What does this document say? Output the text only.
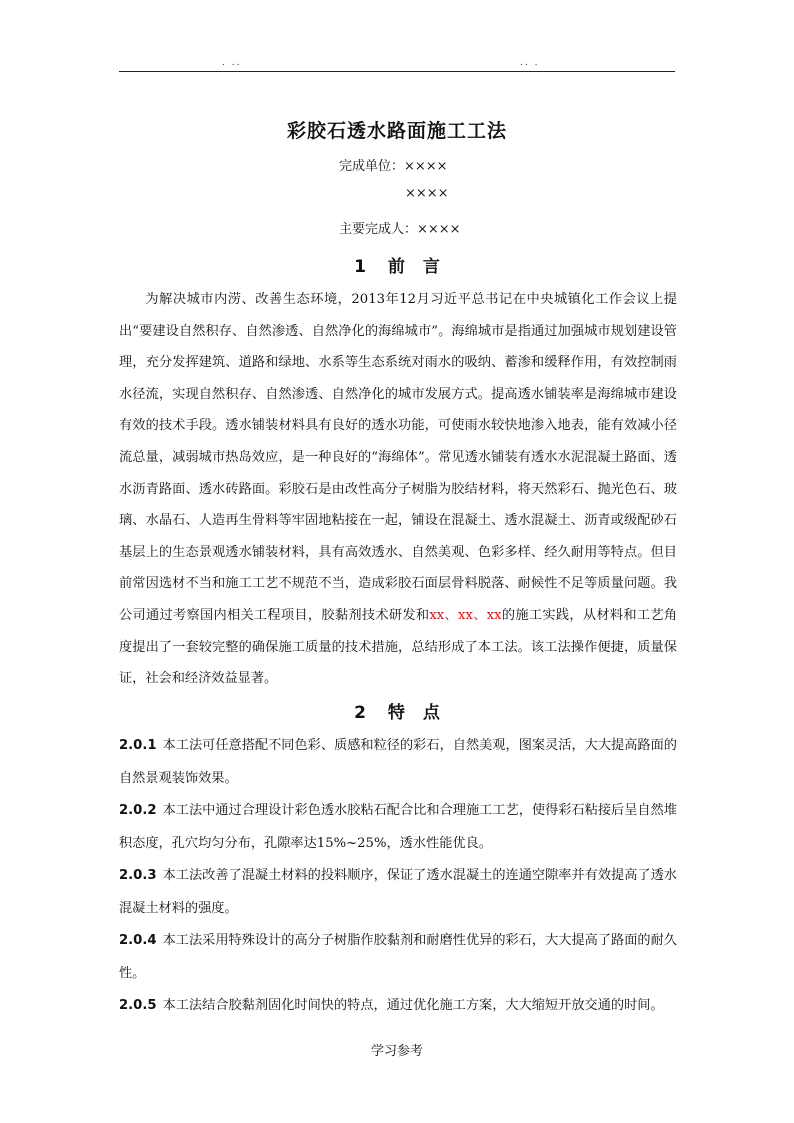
. ..	.. .
彩胶石透水路面施工工法
完成单位：××××
××××
主要完成人：××××
1 前 言

为解决城市内涝、改善生态环境，2013年12月习近平总书记在中央城镇化工作会议上提出“要建设自然积存、自然渗透、自然净化的海绵城市”。海绵城市是指通过加强城市规划建设管理，充分发挥建筑、道路和绿地、水系等生态系统对雨水的吸纳、蓄渗和缓释作用，有效控制雨水径流，实现自然积存、自然渗透、自然净化的城市发展方式。提高透水铺装率是海绵城市建设有效的技术手段。透水铺装材料具有良好的透水功能，可使雨水较快地渗入地表，能有效减小径流总量，减弱城市热岛效应，是一种良好的“海绵体”。常见透水铺装有透水水泥混凝土路面、透水沥青路面、透水砖路面。彩胶石是由改性高分子树脂为胶结材料，将天然彩石、抛光色石、玻璃、水晶石、人造再生骨料等牢固地粘接在一起，铺设在混凝土、透水混凝土、沥青或级配砂石基层上的生态景观透水铺装材料，具有高效透水、自然美观、色彩多样、经久耐用等特点。但目前常因选材不当和施工工艺不规范不当，造成彩胶石面层骨料脱落、耐候性不足等质量问题。我公司通过考察国内相关工程项目，胶黏剂技术研发和xx、xx、xx的施工实践，从材料和工艺角度提出了一套较完整的确保施工质量的技术措施，总结形成了本工法。该工法操作便捷，质量保证，社会和经济效益显著。

2 特 点

2.0.1 本工法可任意搭配不同色彩、质感和粒径的彩石，自然美观，图案灵活，大大提高路面的自然景观装饰效果。

2.0.2 本工法中通过合理设计彩色透水胶粘石配合比和合理施工工艺，使得彩石粘接后呈自然堆积态度，孔穴均匀分布，孔隙率达15%~25%，透水性能优良。

2.0.3 本工法改善了混凝土材料的投料顺序，保证了透水混凝土的连通空隙率并有效提高了透水混凝土材料的强度。

2.0.4 本工法采用特殊设计的高分子树脂作胶黏剂和耐磨性优异的彩石，大大提高了路面的耐久性。

2.0.5 本工法结合胶黏剂固化时间快的特点，通过优化施工方案，大大缩短开放交通的时间。

学习参考
